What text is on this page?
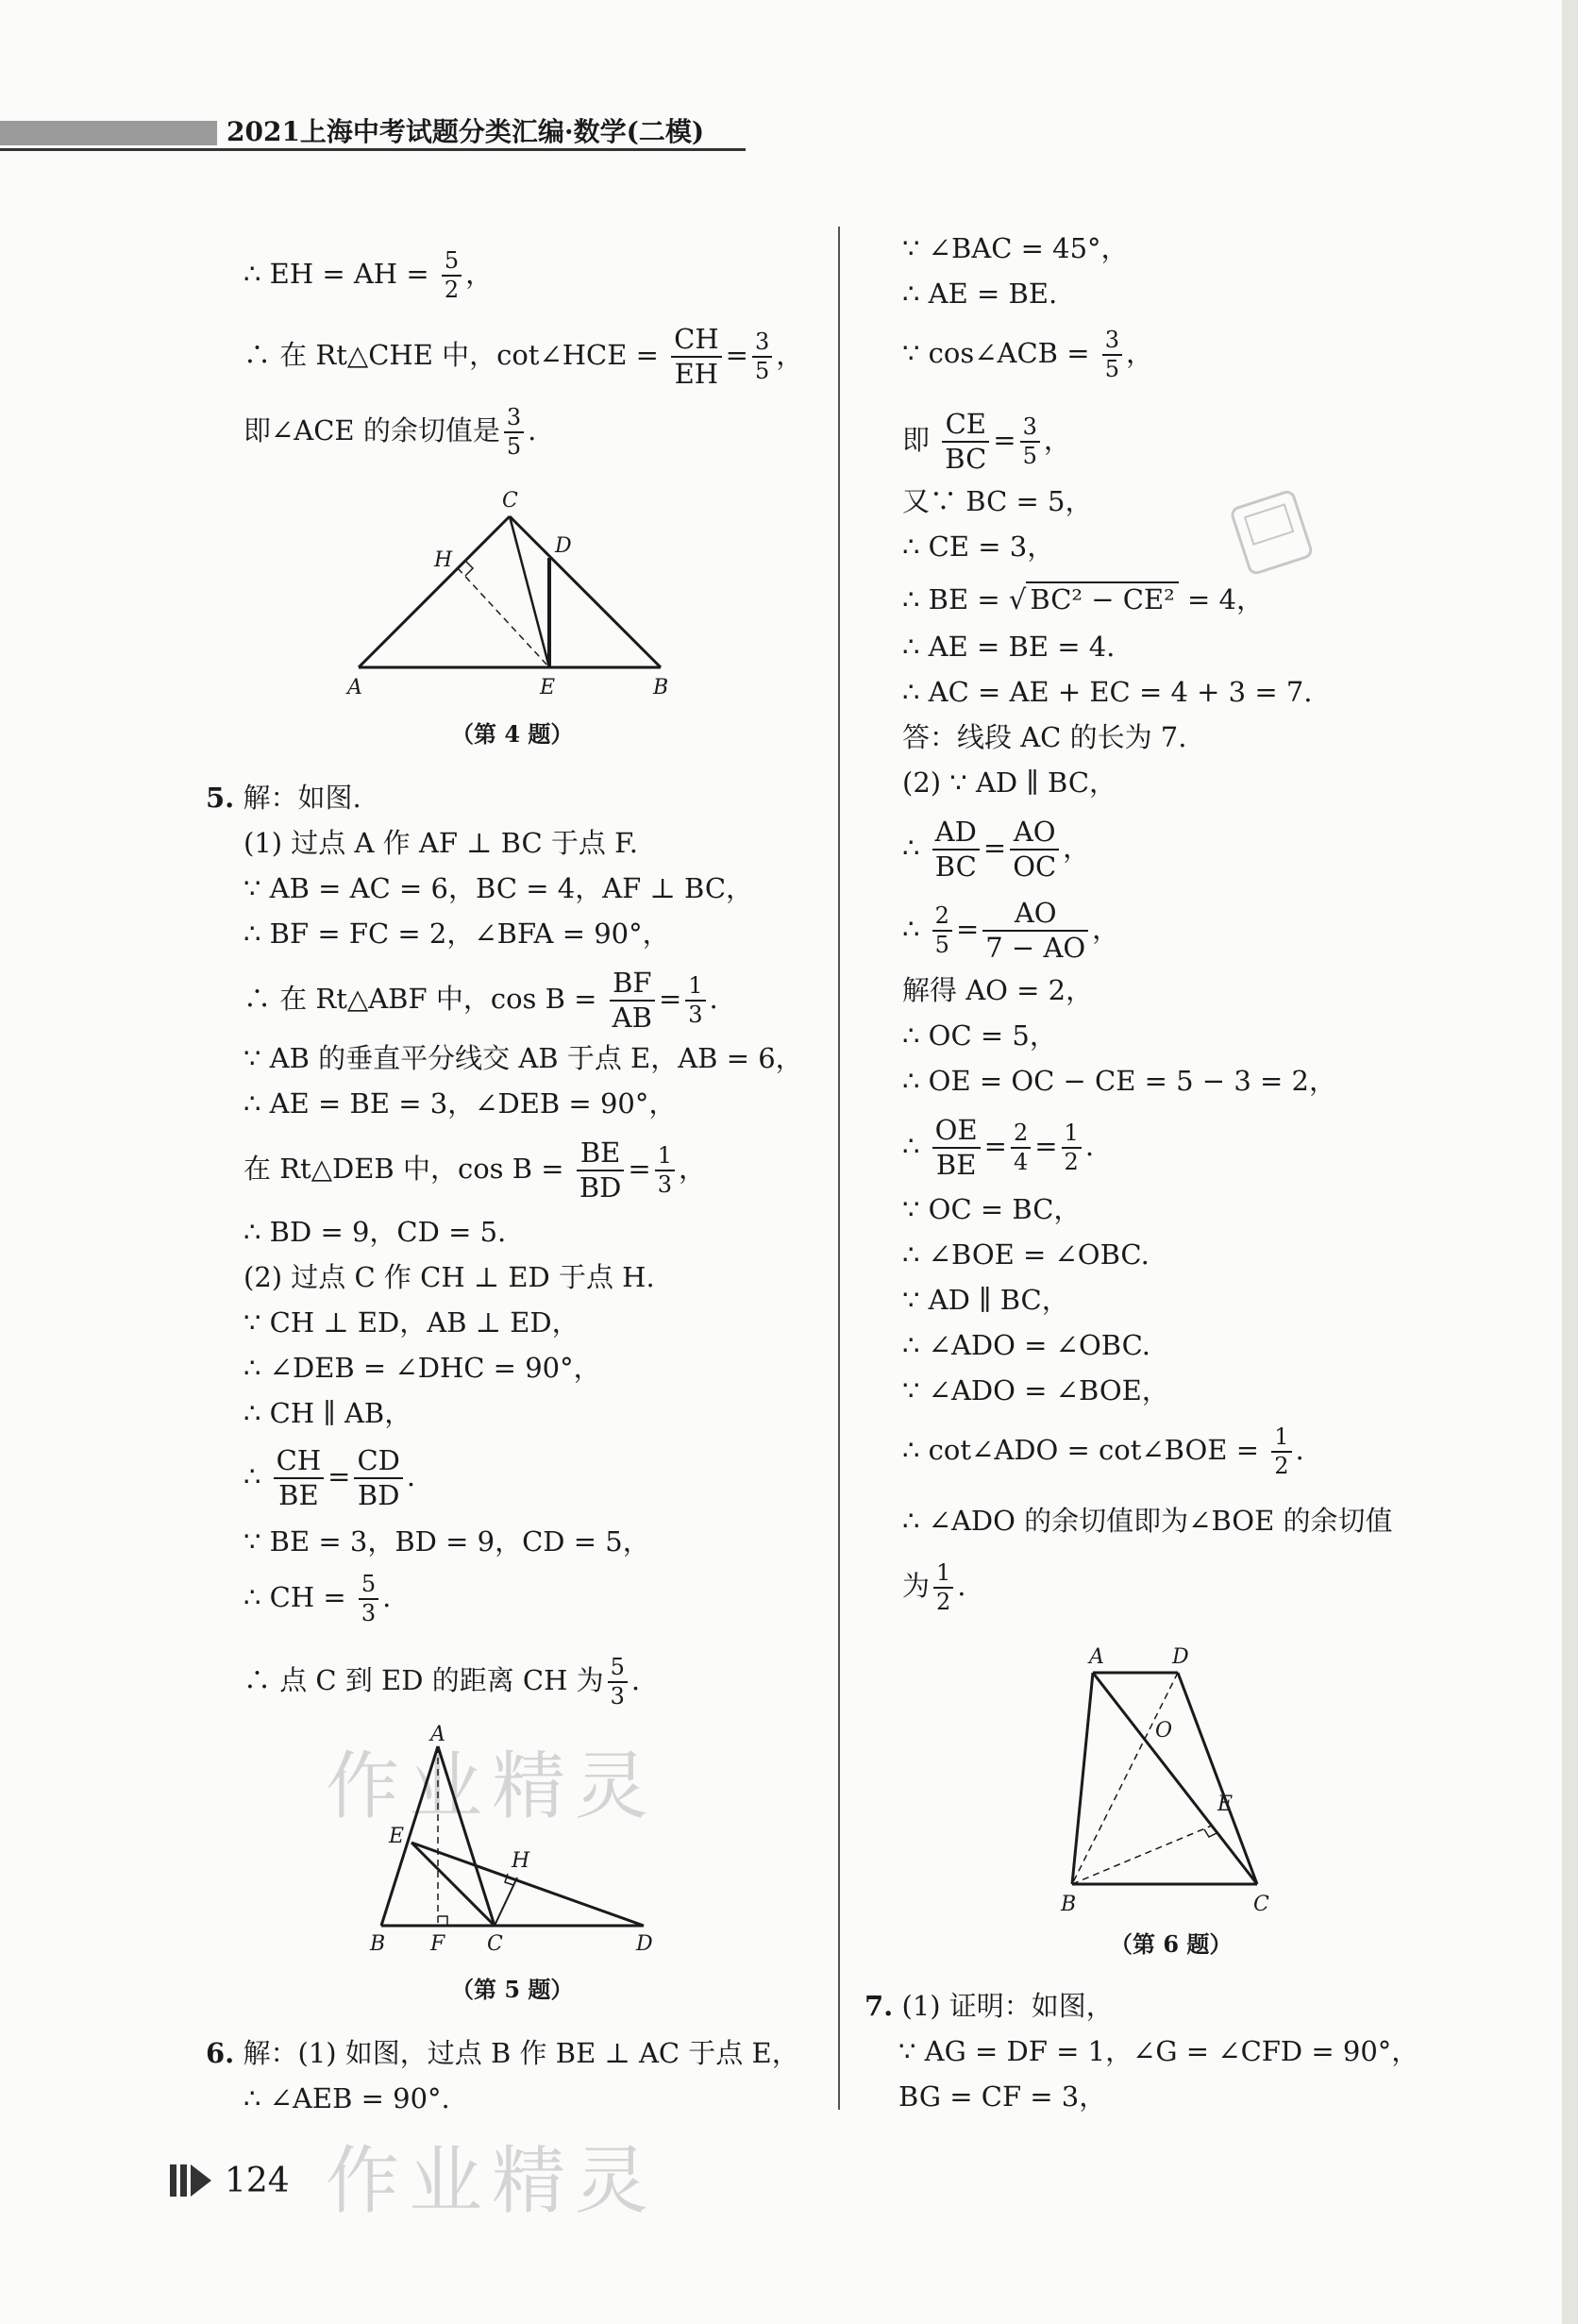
2021上海中考试题分类汇编·数学(二模)
∴ EH = AH = $\frac{5}{2}$ ，
∴ 在 Rt△CHE 中，cot∠HCE = $\frac{CH}{EH} = \frac{3}{5}$ ，
即∠ACE 的余切值是 $\frac{3}{5}$ .
C
D
H
A	E	B
（第 4 题）
5. 解：如图.
(1) 过点 A 作 AF ⊥ BC 于点 F.
∵ AB = AC = 6，BC = 4，AF ⊥ BC，
∴ BF = FC = 2，∠BFA = 90°，
∴ 在 Rt△ABF 中，$\cos B = \frac{BF}{AB} = \frac{1}{3}$ .
∵ AB 的垂直平分线交 AB 于点 E，AB = 6，
∴ AE = BE = 3，∠DEB = 90°，
在 Rt△DEB 中，$\cos B = \frac{BE}{BD} = \frac{1}{3}$ ，
∴ BD = 9，CD = 5.
(2) 过点 C 作 CH ⊥ ED 于点 H.
∵ CH ⊥ ED，AB ⊥ ED，
∴ ∠DEB = ∠DHC = 90°，
∴ CH ∥ AB，
∴ $\frac{CH}{BE} = \frac{CD}{BD}$ .
∵ BE = 3，BD = 9，CD = 5，
∴ CH = $\frac{5}{3}$ .
∴ 点 C 到 ED 的距离 CH 为 $\frac{5}{3}$ .
作业精灵
A
E
H
B F C	D
（第 5 题）
6. 解：(1) 如图，过点 B 作 BE ⊥ AC 于点 E，
∴ ∠AEB = 90°.
作业精灵
124
∵ ∠BAC = 45°，
∴ AE = BE.
∵ cos∠ACB = $\frac{3}{5}$ ，
即 $\frac{CE}{BC} = \frac{3}{5}$ ，
又∵ BC = 5，
∴ CE = 3，
∴ BE = √ BC² − CE² = 4，
∴ AE = BE = 4.
∴ AC = AE + EC = 4 + 3 = 7.
答：线段 AC 的长为 7.
(2) ∵ AD ∥ BC，
∴ $\frac{AD}{BC} = \frac{AO}{OC}$ ，
∴ $\frac{2}{5} = \frac{AO}{7 - AO}$ ，
解得 AO = 2，
∴ OC = 5，
∴ OE = OC − CE = 5 − 3 = 2，
∴ $\frac{OE}{BE} = \frac{2}{4} = \frac{1}{2}$ .
∵ OC = BC，
∴ ∠BOE = ∠OBC.
∵ AD ∥ BC，
∴ ∠ADO = ∠OBC.
∵ ∠ADO = ∠BOE，
∴ cot∠ADO = cot∠BOE = $\frac{1}{2}$ .
∴ ∠ADO 的余切值即为∠BOE 的余切值
为 $\frac{1}{2}$ .
A	D
O
E
B	C
（第 6 题）
7. (1) 证明：如图，
∵ AG = DF = 1，∠G = ∠CFD = 90°，
BG = CF = 3，
